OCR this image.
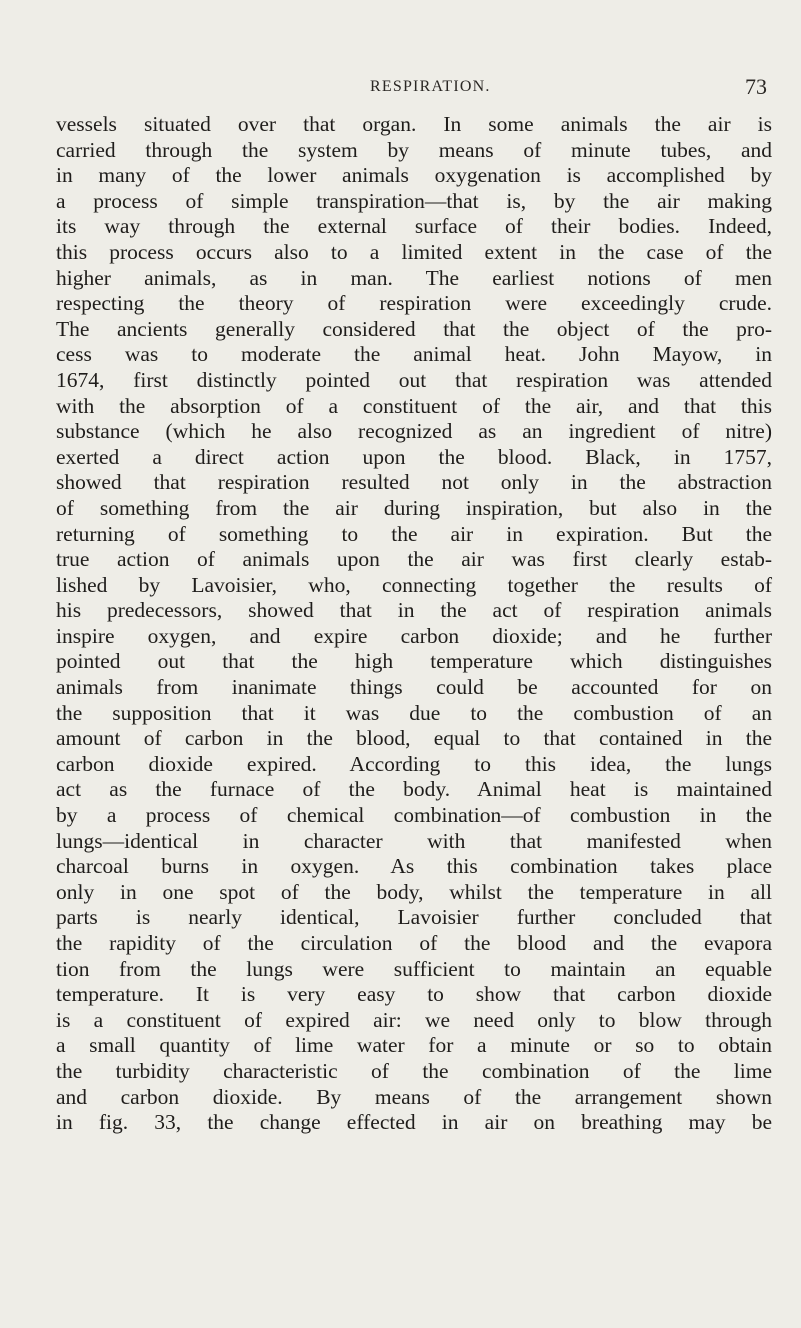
RESPIRATION.	73
vessels situated over that organ. In some animals the air is
carried through the system by means of minute tubes, and
in many of the lower animals oxygenation is accomplished by
a process of simple transpiration—that is, by the air making
its way through the external surface of their bodies. Indeed,
this process occurs also to a limited extent in the case of the
higher animals, as in man. The earliest notions of men
respecting the theory of respiration were exceedingly crude.
The ancients generally considered that the object of the pro-
cess was to moderate the animal heat. John Mayow, in
1674, first distinctly pointed out that respiration was attended
with the absorption of a constituent of the air, and that this
substance (which he also recognized as an ingredient of nitre)
exerted a direct action upon the blood. Black, in 1757,
showed that respiration resulted not only in the abstraction
of something from the air during inspiration, but also in the
returning of something to the air in expiration. But the
true action of animals upon the air was first clearly estab-
lished by Lavoisier, who, connecting together the results of
his predecessors, showed that in the act of respiration animals
inspire oxygen, and expire carbon dioxide; and he further
pointed out that the high temperature which distinguishes
animals from inanimate things could be accounted for on
the supposition that it was due to the combustion of an
amount of carbon in the blood, equal to that contained in the
carbon dioxide expired. According to this idea, the lungs
act as the furnace of the body. Animal heat is maintained
by a process of chemical combination—of combustion in the
lungs—identical in character with that manifested when
charcoal burns in oxygen. As this combination takes place
only in one spot of the body, whilst the temperature in all
parts is nearly identical, Lavoisier further concluded that
the rapidity of the circulation of the blood and the evapora
tion from the lungs were sufficient to maintain an equable
temperature. It is very easy to show that carbon dioxide
is a constituent of expired air: we need only to blow through
a small quantity of lime water for a minute or so to obtain
the turbidity characteristic of the combination of the lime
and carbon dioxide. By means of the arrangement shown
in fig. 33, the change effected in air on breathing may be
